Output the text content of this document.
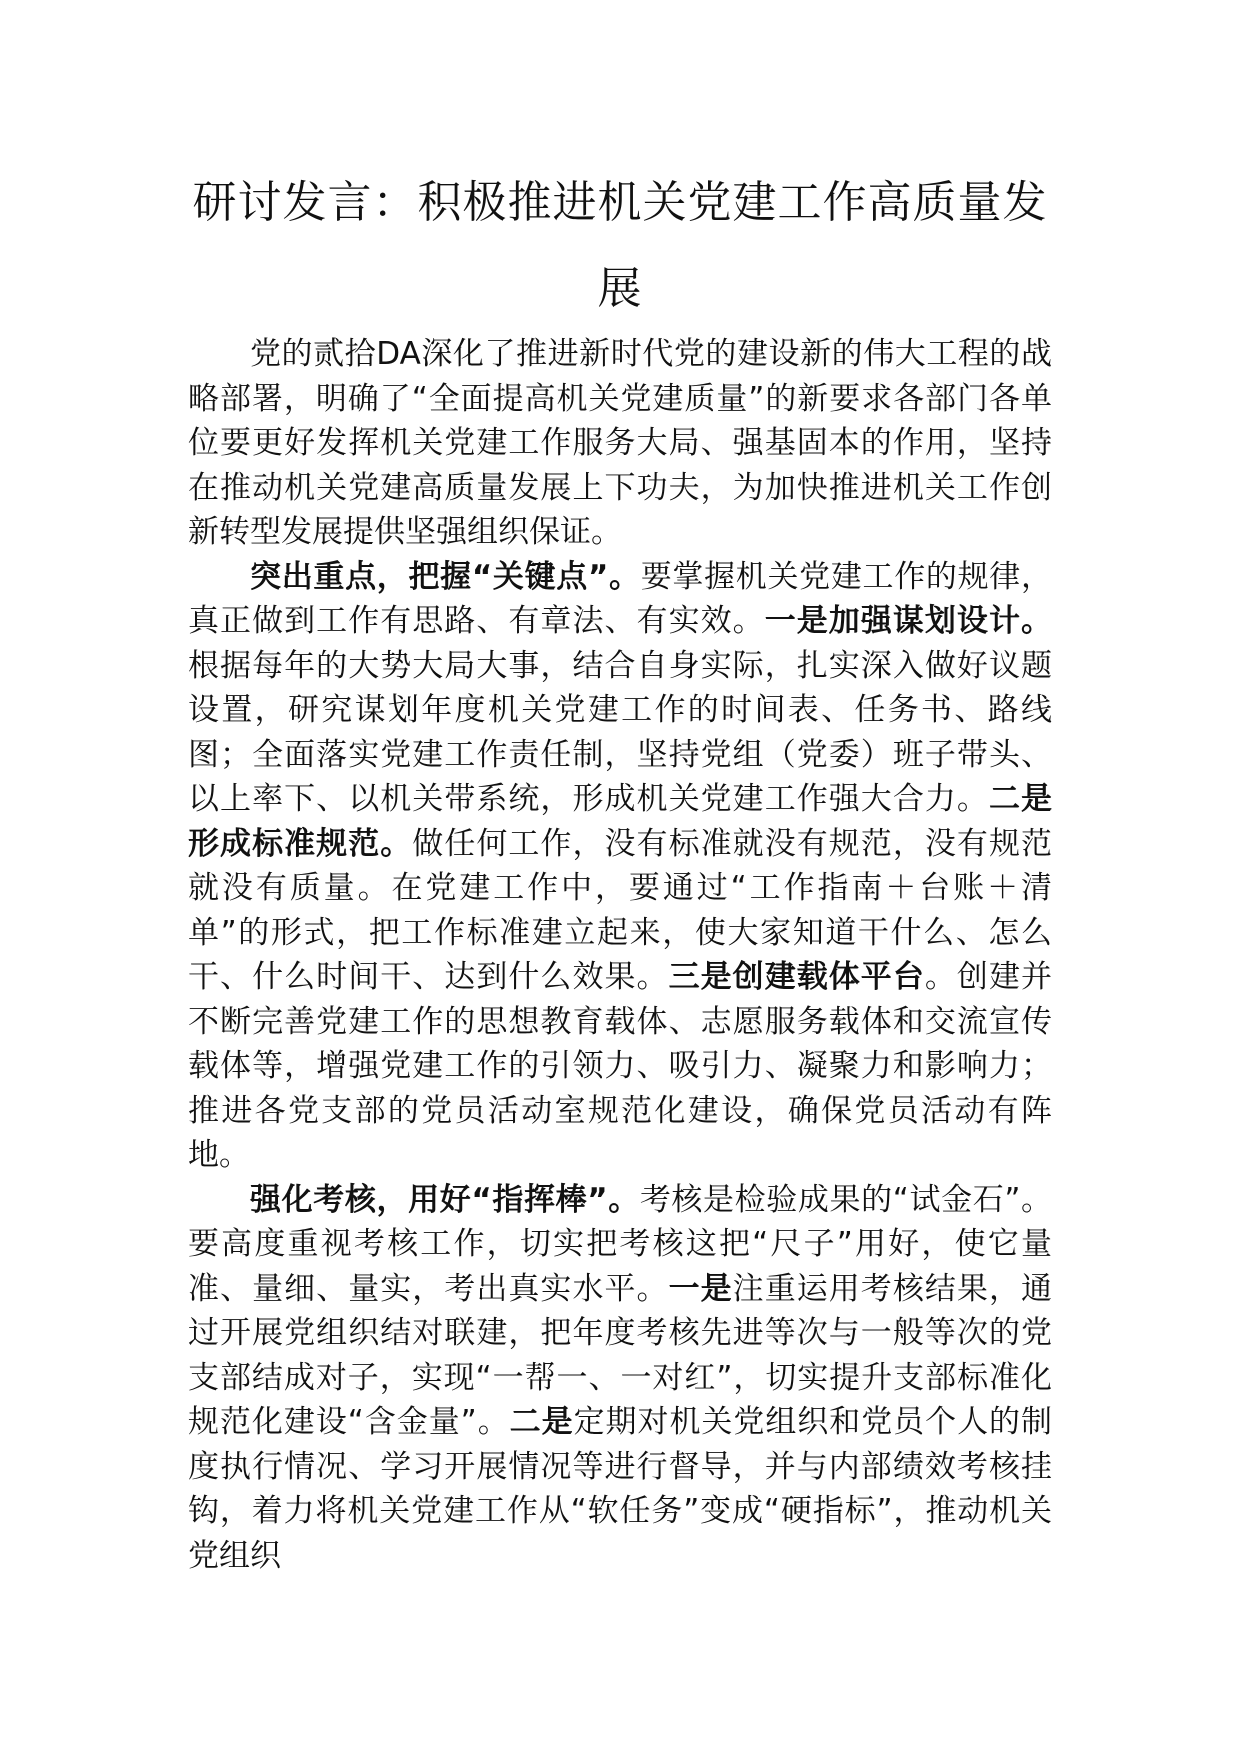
研讨发言：积极推进机关党建工作高质量发展

党的贰拾DA深化了推进新时代党的建设新的伟大工程的战略部署，明确了“全面提高机关党建质量”的新要求各部门各单位要更好发挥机关党建工作服务大局、强基固本的作用，坚持在推动机关党建高质量发展上下功夫，为加快推进机关工作创新转型发展提供坚强组织保证。

突出重点，把握“关键点”。要掌握机关党建工作的规律，真正做到工作有思路、有章法、有实效。一是加强谋划设计。根据每年的大势大局大事，结合自身实际，扎实深入做好议题设置，研究谋划年度机关党建工作的时间表、任务书、路线图；全面落实党建工作责任制，坚持党组（党委）班子带头、以上率下、以机关带系统，形成机关党建工作强大合力。二是形成标准规范。做任何工作，没有标准就没有规范，没有规范就没有质量。在党建工作中，要通过“工作指南＋台账＋清单”的形式，把工作标准建立起来，使大家知道干什么、怎么干、什么时间干、达到什么效果。三是创建载体平台。创建并不断完善党建工作的思想教育载体、志愿服务载体和交流宣传载体等，增强党建工作的引领力、吸引力、凝聚力和影响力；推进各党支部的党员活动室规范化建设，确保党员活动有阵地。

强化考核，用好“指挥棒”。考核是检验成果的“试金石”。要高度重视考核工作，切实把考核这把“尺子”用好，使它量准、量细、量实，考出真实水平。一是注重运用考核结果，通过开展党组织结对联建，把年度考核先进等次与一般等次的党支部结成对子，实现“一帮一、一对红”，切实提升支部标准化规范化建设“含金量”。二是定期对机关党组织和党员个人的制度执行情况、学习开展情况等进行督导，并与内部绩效考核挂钩，着力将机关党建工作从“软任务”变成“硬指标”，推动机关党组织
